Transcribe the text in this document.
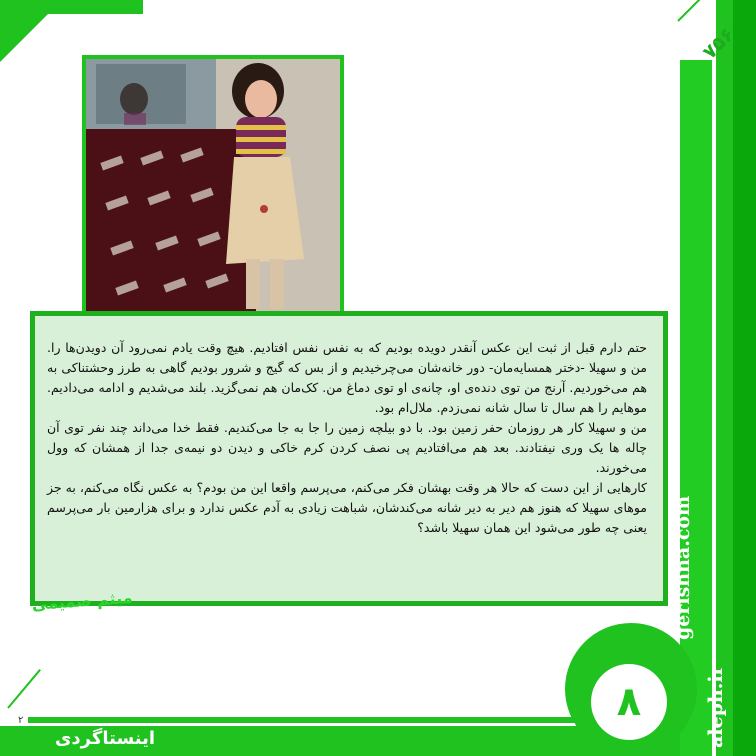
۷۵۶
gerishna.com
aleph.ir

حتم دارم قبل از ثبت این عکس آنقدر دویده بودیم که به نفس نفس افتادیم. هیچ وقت یادم نمی‌رود آن دویدن‌ها را. من و سهیلا -دختر همسایه‌مان- دور خانه‌شان می‌چرخیدیم و از بس که گیج و شرور بودیم گاهی به طرز وحشتناکی به هم می‌خوردیم. آرنج من توی دنده‌ی او، چانه‌ی او توی دماغ من. کک‌مان هم نمی‌گزید. بلند می‌شدیم و ادامه می‌دادیم. موهایم را هم سال تا سال شانه نمی‌زدم. ملال‌ام بود.

من و سهیلا کار هر روزمان حفر زمین بود. با دو بیلچه زمین را جا به جا می‌کندیم. فقط خدا می‌داند چند نفر توی آن چاله ها یک وری نیفتادند. بعد هم می‌افتادیم پی نصف کردن کرم خاکی و دیدن دو نیمه‌ی جدا از همشان که وول می‌خورند.

کارهایی از این دست که حالا هر وقت بهشان فکر می‌کنم، می‌پرسم واقعا این من بودم؟ به عکس نگاه می‌کنم، به جز موهای سهیلا که هنوز هم دیر به دیر شانه می‌کندشان، شباهت زیادی به آدم عکس ندارد و برای هزارمین بار می‌پرسم یعنی چه طور می‌شود این همان سهیلا باشد؟

میثم صمیمی
اینستاگردی
۲	۸
